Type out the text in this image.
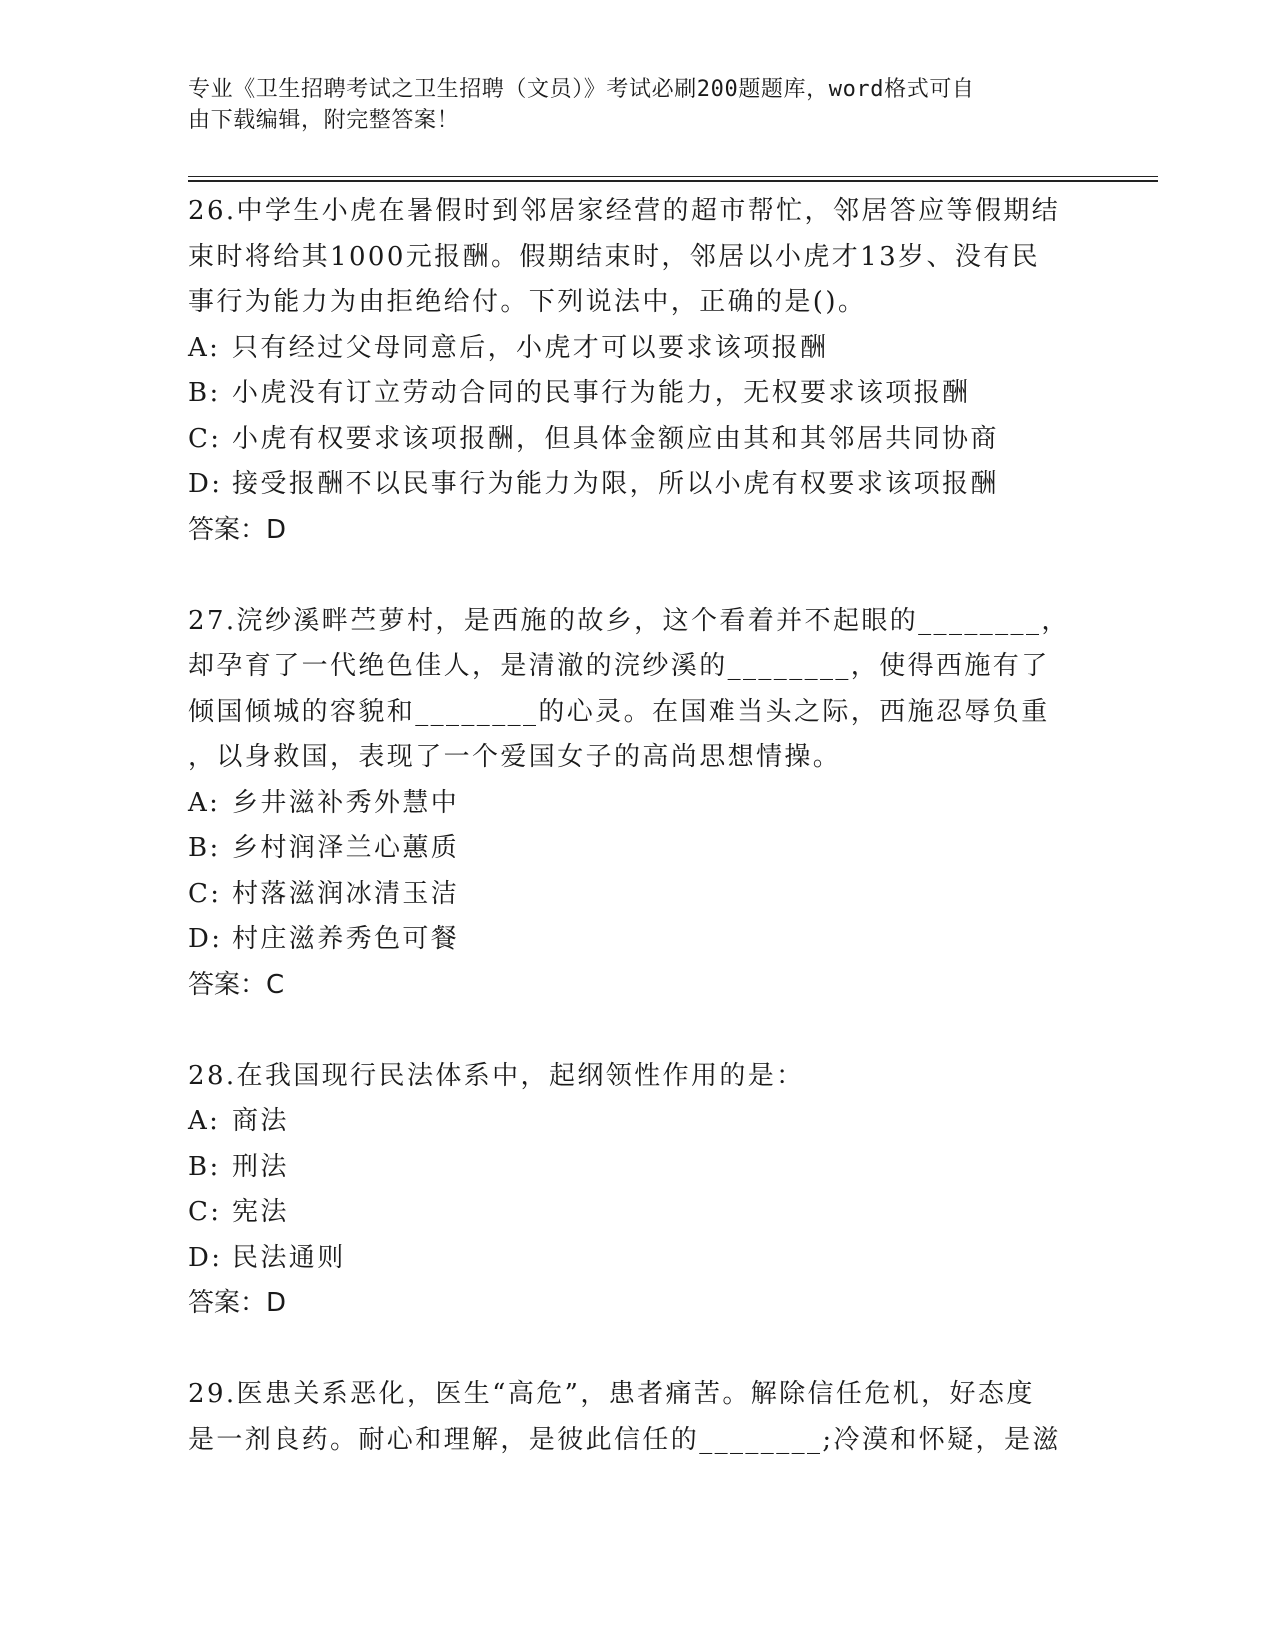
专业《卫生招聘考试之卫生招聘（文员）》考试必刷200题题库，word格式可自
由下载编辑，附完整答案！

26.中学生小虎在暑假时到邻居家经营的超市帮忙，邻居答应等假期结

束时将给其1000元报酬。假期结束时，邻居以小虎才13岁、没有民

事行为能力为由拒绝给付。下列说法中，正确的是()。

A: 只有经过父母同意后，小虎才可以要求该项报酬

B: 小虎没有订立劳动合同的民事行为能力，无权要求该项报酬

C: 小虎有权要求该项报酬，但具体金额应由其和其邻居共同协商

D: 接受报酬不以民事行为能力为限，所以小虎有权要求该项报酬

答案：D

27.浣纱溪畔苎萝村，是西施的故乡，这个看着并不起眼的________，

却孕育了一代绝色佳人，是清澈的浣纱溪的________，使得西施有了

倾国倾城的容貌和________的心灵。在国难当头之际，西施忍辱负重

，以身救国，表现了一个爱国女子的高尚思想情操。

A: 乡井滋补秀外慧中

B: 乡村润泽兰心蕙质

C: 村落滋润冰清玉洁

D: 村庄滋养秀色可餐

答案：C

28.在我国现行民法体系中，起纲领性作用的是：

A: 商法

B: 刑法

C: 宪法

D: 民法通则

答案：D

29.医患关系恶化，医生“高危”，患者痛苦。解除信任危机，好态度

是一剂良药。耐心和理解，是彼此信任的________;冷漠和怀疑，是滋
